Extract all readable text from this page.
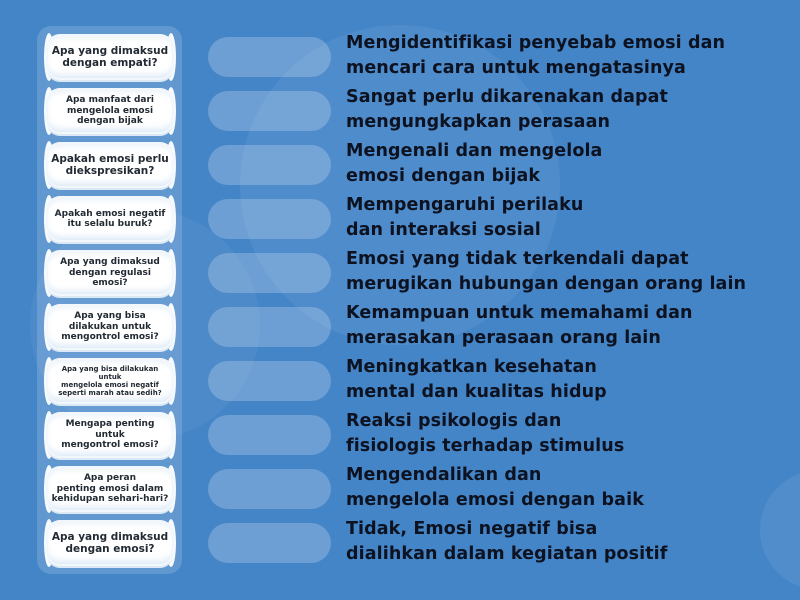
Apa yang dimaksud
dengan empati?
Apa manfaat dari
mengelola emosi
dengan bijak
Apakah emosi perlu
diekspresikan?
Apakah emosi negatif
itu selalu buruk?
Apa yang dimaksud
dengan regulasi emosi?
Apa yang bisa
dilakukan untuk
mengontrol emosi?
Apa yang bisa dilakukan untuk
mengelola emosi negatif
seperti marah atau sedih?
Mengapa penting untuk
mengontrol emosi?
Apa peran
penting emosi dalam
kehidupan sehari-hari?
Apa yang dimaksud
dengan emosi?
Mengidentifikasi penyebab emosi dan
mencari cara untuk mengatasinya
Sangat perlu dikarenakan dapat
mengungkapkan perasaan
Mengenali dan mengelola
emosi dengan bijak
Mempengaruhi perilaku
dan interaksi sosial
Emosi yang tidak terkendali dapat
merugikan hubungan dengan orang lain
Kemampuan untuk memahami dan
merasakan perasaan orang lain
Meningkatkan kesehatan
mental dan kualitas hidup
Reaksi psikologis dan
fisiologis terhadap stimulus
Mengendalikan dan
mengelola emosi dengan baik
Tidak, Emosi negatif bisa
dialihkan dalam kegiatan positif
